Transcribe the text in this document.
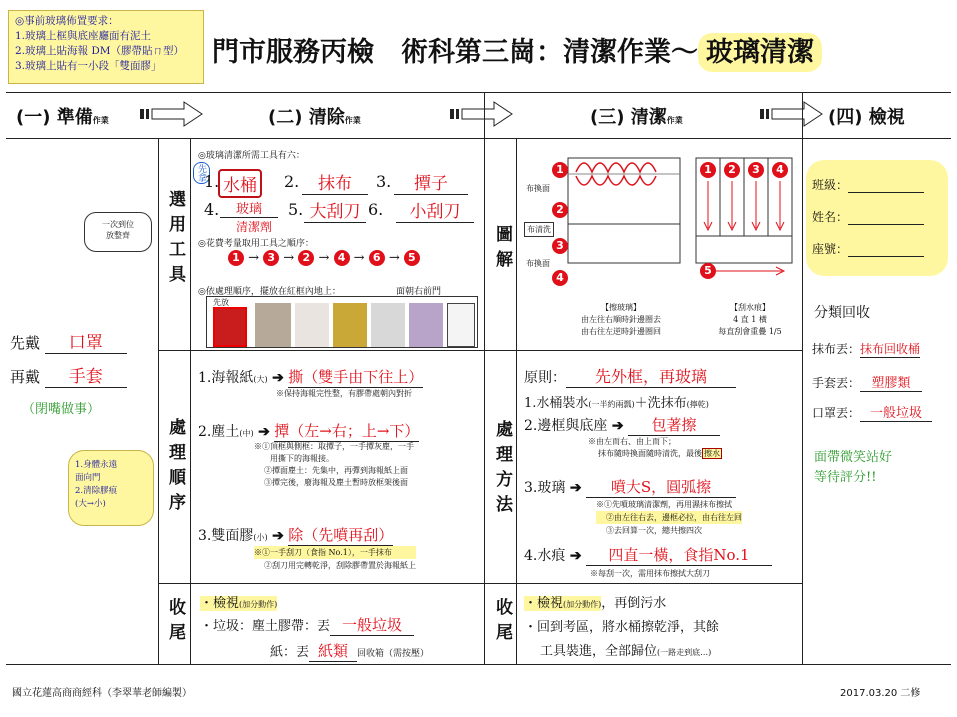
◎事前玻璃佈置要求：
1.玻璃上框與底座廳面有泥土
2.玻璃上貼海報 DM（膠帶貼ㄇ型）
3.玻璃上貼有一小段「雙面膠」	門市服務丙檢　術科第三崗：清潔作業～ 玻璃清潔
(一) 準備作業	(二) 清除作業	(三) 清潔作業	(四) 檢視
一次到位
放整齊
先戴 口罩
再戴 手套
（閉嘴做事）
1.身體永遠
面向門
2.清除膠痕
(大→小)
選用工具
處理順序
收尾
圖解
處理方法
收尾
◎玻璃清潔所需工具有六：
先拿
1. 水桶	2.	抹布	3.	撢子
4.	玻璃
清潔劑
5. 大刮刀 6.	小刮刀
◎花費考量取用工具之順序：
1 → 3 → 2 → 4 → 6 → 5
◎依處理順序，擺放在紅框內地上：	面朝右前門
先放
1.海報紙(大) ➔ 撕（雙手由下往上）
※保持海報完性整，有膠帶處朝內對折
2.塵土(中) ➔ 撢（左→右；上→下）
※①頂框與側框：取撢子，一手撢灰塵，一手
用撕下的海報接。
②撢面塵土：先集中，再彈到海報紙上面
③撢完後，廢海報及塵土暫時放框架後面
3.雙面膠(小) ➔ 除（先噴再刮）
※①一手刮刀（食指 No.1），一手抹布
②刮刀用完轉乾淨，刮除膠帶置於海報紙上
・檢視(加分動作)
・垃圾：塵土膠帶：丟 一般垃圾
紙：丟 紙類 回收箱（需按壓）
布換面
布清洗
布換面
1
2
3
4
1	2	3	4
5
【擦玻璃】
由左往右順時針邊圈去
由右往左逆時針邊圈回
【刮水痕】
4 直 1 橫
每直刮會重疊 1/5
原則： 先外框，再玻璃
1.水桶裝水(一半約兩瓢)＋洗抹布(擰乾)
2.邊框與底座 ➔ 包著擦
※由左而右、由上而下；
抹布隨時換面隨時清洗，最後 擦水
3.玻璃 ➔ 噴大S，圓弧擦
※①先噴玻璃清潔劑，再用濕抹布擦拭
②由左往右去，邊框必拉，由右往左回
③去回算一次，總共擦四次
4.水痕 ➔ 四直一橫，食指No.1
※每刮一次，需用抹布擦拭大刮刀
・檢視(加分動作)，再倒污水
・回到考區，將水桶擦乾淨，其餘
工具裝進，全部歸位(一路走到底…)
班級：
姓名：
座號：
分類回收
抹布丟：抹布回收桶
手套丟： 塑膠類
口罩丟： 一般垃圾
面帶微笑站好
等待評分!!
國立花蓮高商商經科（李翠華老師編製）	2017.03.20 二修
